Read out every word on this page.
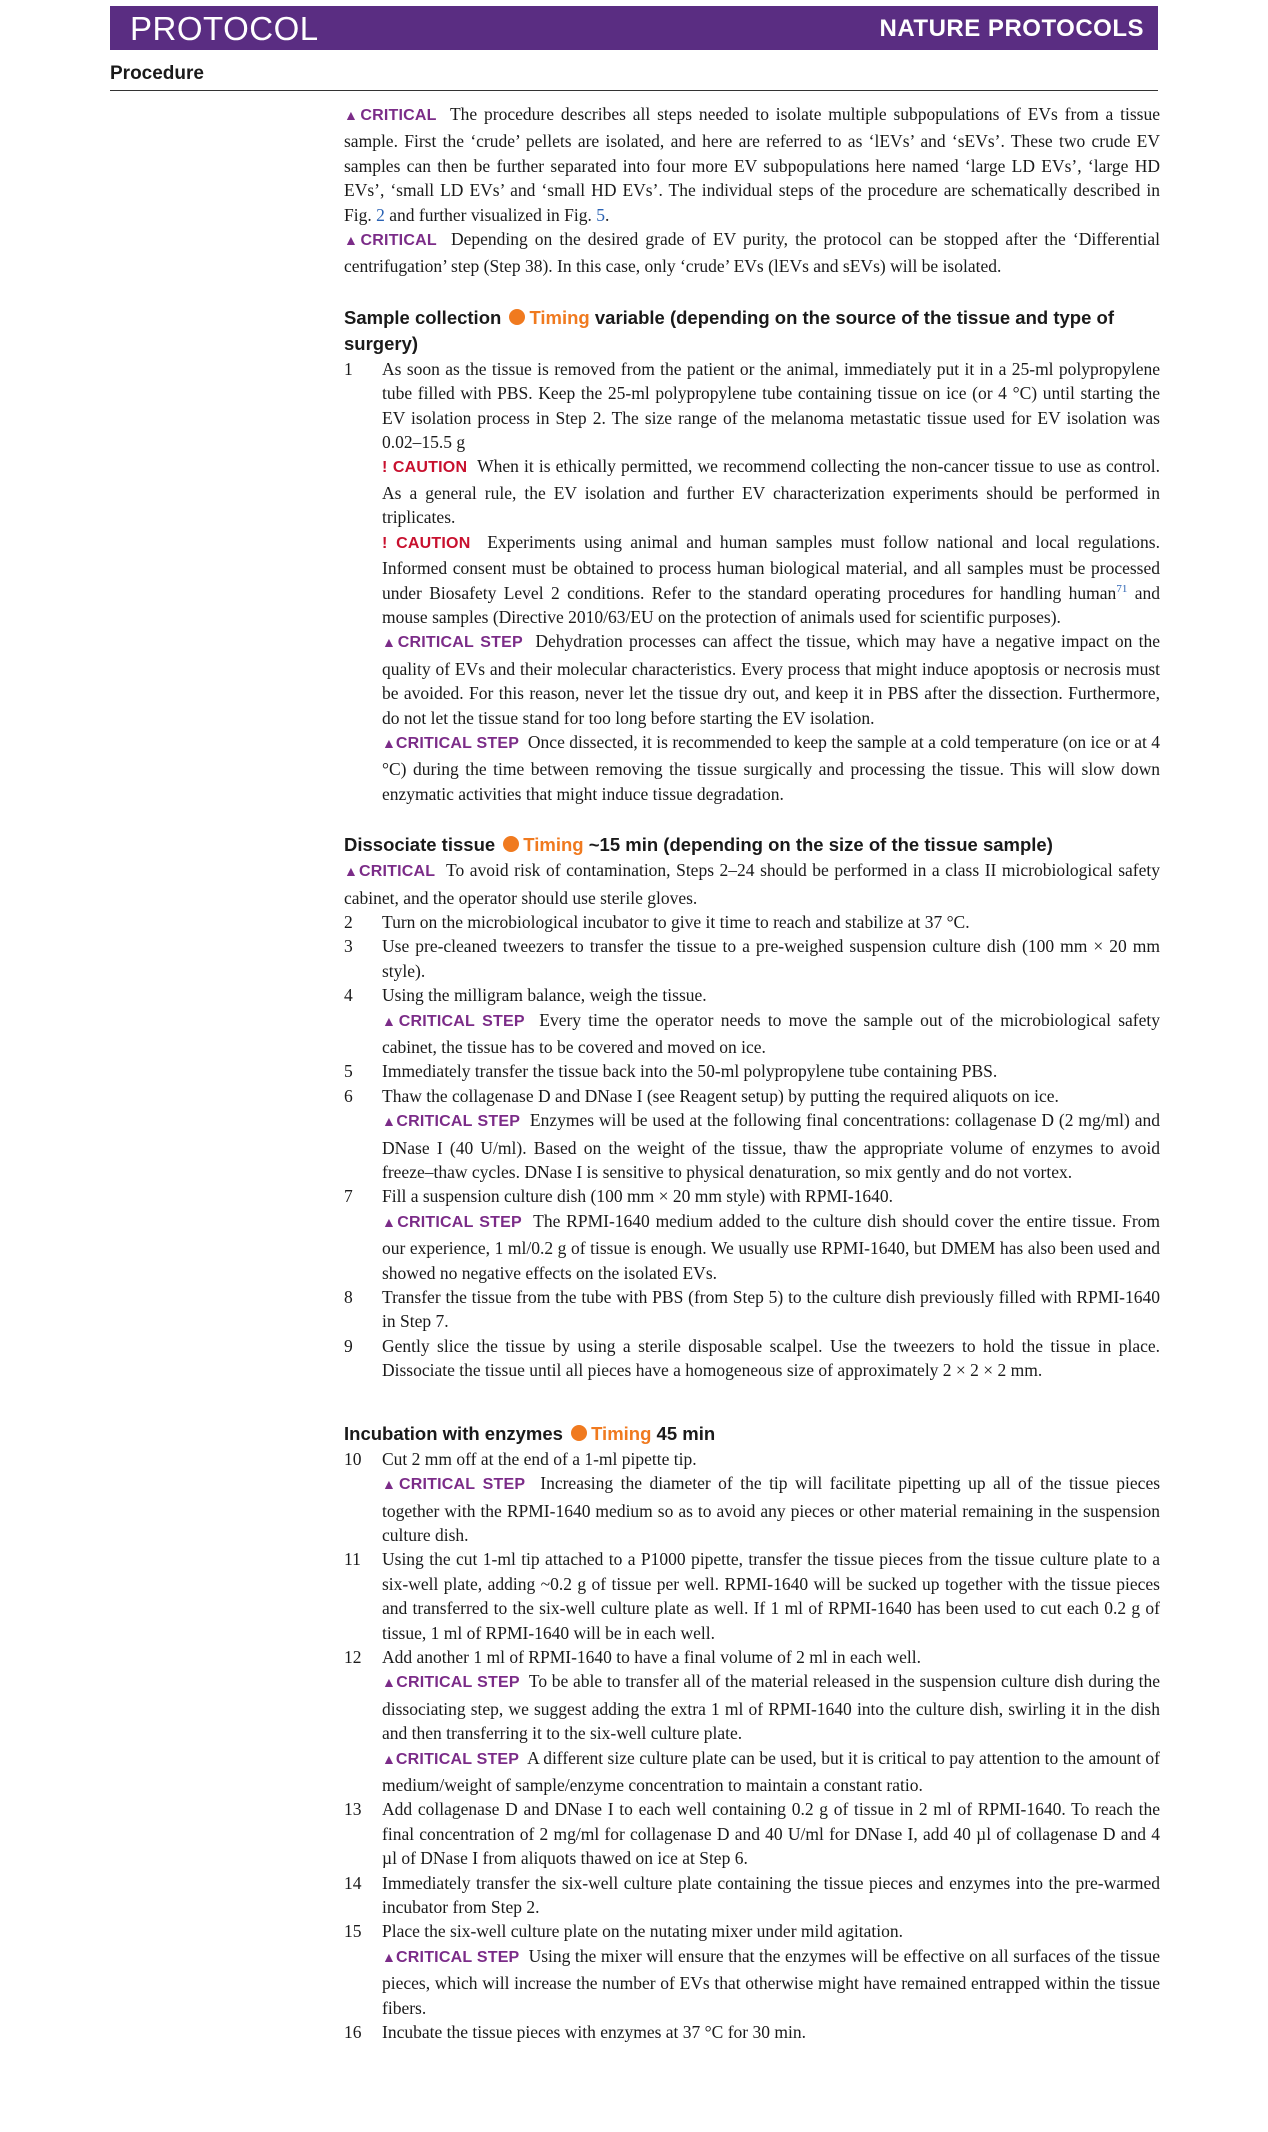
PROTOCOL	NATURE PROTOCOLS
Procedure

▲CRITICAL The procedure describes all steps needed to isolate multiple subpopulations of EVs from a tissue sample. First the ‘crude’ pellets are isolated, and here are referred to as ‘lEVs’ and ‘sEVs’. These two crude EV samples can then be further separated into four more EV subpopulations here named ‘large LD EVs’, ‘large HD EVs’, ‘small LD EVs’ and ‘small HD EVs’. The individual steps of the procedure are schematically described in Fig. 2 and further visualized in Fig. 5.

▲CRITICAL Depending on the desired grade of EV purity, the protocol can be stopped after the ‘Differential centrifugation’ step (Step 38). In this case, only ‘crude’ EVs (lEVs and sEVs) will be isolated.

Sample collection Timing variable (depending on the source of the tissue and type of surgery)

1 As soon as the tissue is removed from the patient or the animal, immediately put it in a 25-ml polypropylene tube filled with PBS. Keep the 25-ml polypropylene tube containing tissue on ice (or 4 °C) until starting the EV isolation process in Step 2. The size range of the melanoma metastatic tissue used for EV isolation was 0.02–15.5 g

! CAUTION When it is ethically permitted, we recommend collecting the non-cancer tissue to use as control. As a general rule, the EV isolation and further EV characterization experiments should be performed in triplicates.

! CAUTION Experiments using animal and human samples must follow national and local regulations. Informed consent must be obtained to process human biological material, and all samples must be processed under Biosafety Level 2 conditions. Refer to the standard operating procedures for handling human$^{71}$ and mouse samples (Directive 2010/63/EU on the protection of animals used for scientific purposes).

▲CRITICAL STEP Dehydration processes can affect the tissue, which may have a negative impact on the quality of EVs and their molecular characteristics. Every process that might induce apoptosis or necrosis must be avoided. For this reason, never let the tissue dry out, and keep it in PBS after the dissection. Furthermore, do not let the tissue stand for too long before starting the EV isolation.

▲CRITICAL STEP Once dissected, it is recommended to keep the sample at a cold temperature (on ice or at 4 °C) during the time between removing the tissue surgically and processing the tissue. This will slow down enzymatic activities that might induce tissue degradation.

Dissociate tissue Timing ~15 min (depending on the size of the tissue sample)

▲CRITICAL To avoid risk of contamination, Steps 2–24 should be performed in a class II microbiological safety cabinet, and the operator should use sterile gloves.

2 Turn on the microbiological incubator to give it time to reach and stabilize at 37 °C.

3 Use pre-cleaned tweezers to transfer the tissue to a pre-weighed suspension culture dish (100 mm × 20 mm style).

4 Using the milligram balance, weigh the tissue.

▲CRITICAL STEP Every time the operator needs to move the sample out of the microbiological safety cabinet, the tissue has to be covered and moved on ice.

5 Immediately transfer the tissue back into the 50-ml polypropylene tube containing PBS.

6 Thaw the collagenase D and DNase I (see Reagent setup) by putting the required aliquots on ice.

▲CRITICAL STEP Enzymes will be used at the following final concentrations: collagenase D (2 mg/ml) and DNase I (40 U/ml). Based on the weight of the tissue, thaw the appropriate volume of enzymes to avoid freeze–thaw cycles. DNase I is sensitive to physical denaturation, so mix gently and do not vortex.

7 Fill a suspension culture dish (100 mm × 20 mm style) with RPMI-1640.

▲CRITICAL STEP The RPMI-1640 medium added to the culture dish should cover the entire tissue. From our experience, 1 ml/0.2 g of tissue is enough. We usually use RPMI-1640, but DMEM has also been used and showed no negative effects on the isolated EVs.

8 Transfer the tissue from the tube with PBS (from Step 5) to the culture dish previously filled with RPMI-1640 in Step 7.

9 Gently slice the tissue by using a sterile disposable scalpel. Use the tweezers to hold the tissue in place. Dissociate the tissue until all pieces have a homogeneous size of approximately 2 × 2 × 2 mm.

Incubation with enzymes Timing 45 min

10 Cut 2 mm off at the end of a 1-ml pipette tip.

▲CRITICAL STEP Increasing the diameter of the tip will facilitate pipetting up all of the tissue pieces together with the RPMI-1640 medium so as to avoid any pieces or other material remaining in the suspension culture dish.

11 Using the cut 1-ml tip attached to a P1000 pipette, transfer the tissue pieces from the tissue culture plate to a six-well plate, adding ~0.2 g of tissue per well. RPMI-1640 will be sucked up together with the tissue pieces and transferred to the six-well culture plate as well. If 1 ml of RPMI-1640 has been used to cut each 0.2 g of tissue, 1 ml of RPMI-1640 will be in each well.

12 Add another 1 ml of RPMI-1640 to have a final volume of 2 ml in each well.

▲CRITICAL STEP To be able to transfer all of the material released in the suspension culture dish during the dissociating step, we suggest adding the extra 1 ml of RPMI-1640 into the culture dish, swirling it in the dish and then transferring it to the six-well culture plate.

▲CRITICAL STEP A different size culture plate can be used, but it is critical to pay attention to the amount of medium/weight of sample/enzyme concentration to maintain a constant ratio.

13 Add collagenase D and DNase I to each well containing 0.2 g of tissue in 2 ml of RPMI-1640. To reach the final concentration of 2 mg/ml for collagenase D and 40 U/ml for DNase I, add 40 µl of collagenase D and 4 µl of DNase I from aliquots thawed on ice at Step 6.

14 Immediately transfer the six-well culture plate containing the tissue pieces and enzymes into the pre-warmed incubator from Step 2.

15 Place the six-well culture plate on the nutating mixer under mild agitation.

▲CRITICAL STEP Using the mixer will ensure that the enzymes will be effective on all surfaces of the tissue pieces, which will increase the number of EVs that otherwise might have remained entrapped within the tissue fibers.

16 Incubate the tissue pieces with enzymes at 37 °C for 30 min.
